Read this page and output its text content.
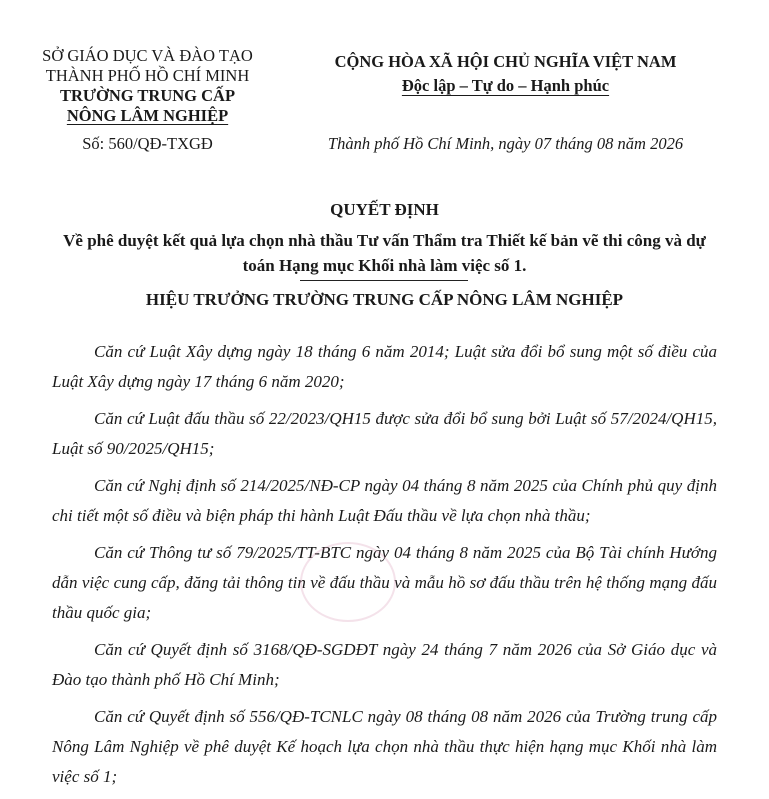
SỞ GIÁO DỤC VÀ ĐÀO TẠO
THÀNH PHỐ HỒ CHÍ MINH
TRƯỜNG TRUNG CẤP
NÔNG LÂM NGHIỆP
CỘNG HÒA XÃ HỘI CHỦ NGHĨA VIỆT NAM
Độc lập – Tự do – Hạnh phúc
Số: 560/QĐ-TXGĐ	Thành phố Hồ Chí Minh, ngày 07 tháng 08 năm 2026
QUYẾT ĐỊNH
Về phê duyệt kết quả lựa chọn nhà thầu Tư vấn Thẩm tra Thiết kế bản vẽ thi công và dự toán Hạng mục Khối nhà làm việc số 1.
HIỆU TRƯỞNG TRƯỜNG TRUNG CẤP NÔNG LÂM NGHIỆP

Căn cứ Luật Xây dựng ngày 18 tháng 6 năm 2014; Luật sửa đổi bổ sung một số điều của Luật Xây dựng ngày 17 tháng 6 năm 2020;

Căn cứ Luật đấu thầu số 22/2023/QH15 được sửa đổi bổ sung bởi Luật số 57/2024/QH15, Luật số 90/2025/QH15;

Căn cứ Nghị định số 214/2025/NĐ-CP ngày 04 tháng 8 năm 2025 của Chính phủ quy định chi tiết một số điều và biện pháp thi hành Luật Đấu thầu về lựa chọn nhà thầu;

Căn cứ Thông tư số 79/2025/TT-BTC ngày 04 tháng 8 năm 2025 của Bộ Tài chính Hướng dẫn việc cung cấp, đăng tải thông tin về đấu thầu và mẫu hồ sơ đấu thầu trên hệ thống mạng đấu thầu quốc gia;

Căn cứ Quyết định số 3168/QĐ-SGDĐT ngày 24 tháng 7 năm 2026 của Sở Giáo dục và Đào tạo thành phố Hồ Chí Minh;

Căn cứ Quyết định số 556/QĐ-TCNLC ngày 08 tháng 08 năm 2026 của Trường trung cấp Nông Lâm Nghiệp về phê duyệt Kế hoạch lựa chọn nhà thầu thực hiện hạng mục Khối nhà làm việc số 1;
